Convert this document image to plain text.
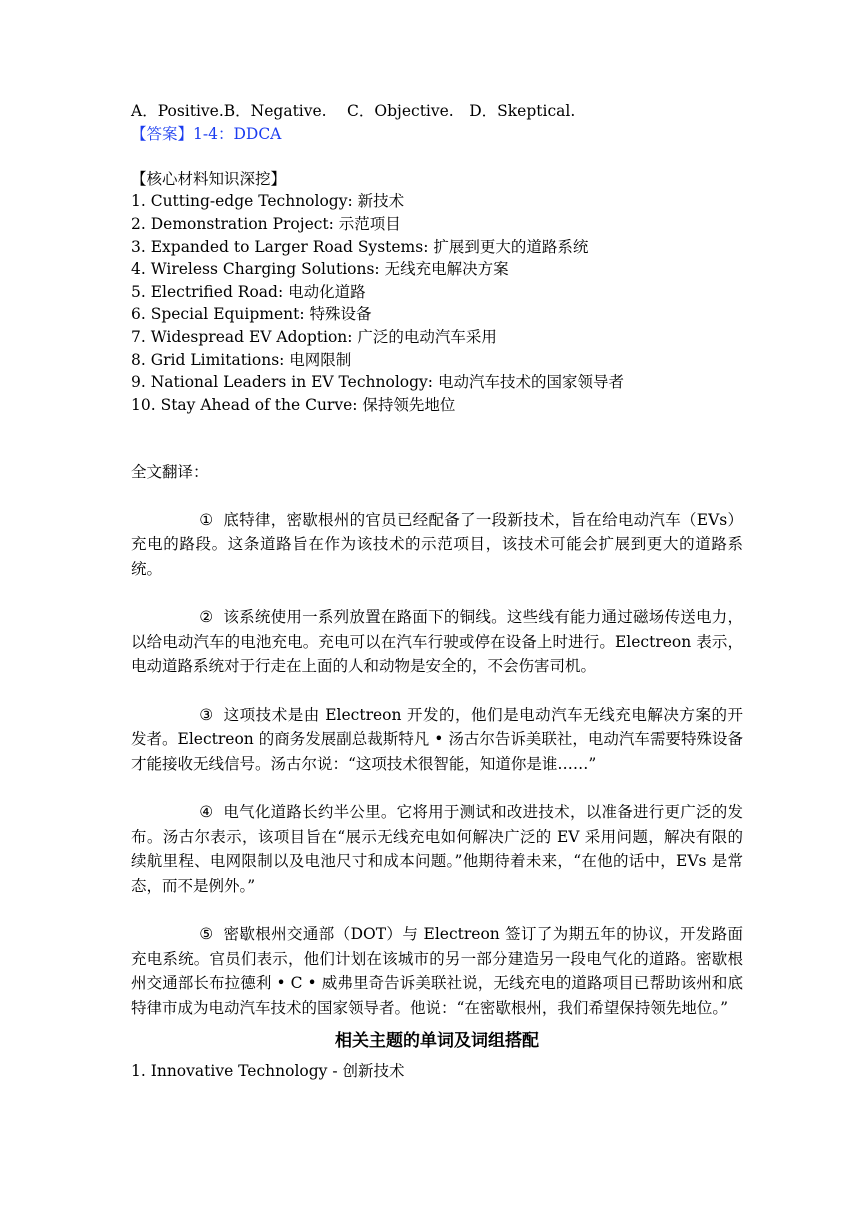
A．Positive.B．Negative.　 C．Objective.　D．Skeptical.
【答案】1-4：DDCA
【核心材料知识深挖】
1. Cutting-edge Technology: 新技术
2. Demonstration Project: 示范项目
3. Expanded to Larger Road Systems: 扩展到更大的道路系统
4. Wireless Charging Solutions: 无线充电解决方案
5. Electrified Road: 电动化道路
6. Special Equipment: 特殊设备
7. Widespread EV Adoption: 广泛的电动汽车采用
8. Grid Limitations: 电网限制
9. National Leaders in EV Technology: 电动汽车技术的国家领导者
10. Stay Ahead of the Curve: 保持领先地位
全文翻译：

① 底特律，密歇根州的官员已经配备了一段新技术，旨在给电动汽车（EVs）充电的路段。这条道路旨在作为该技术的示范项目，该技术可能会扩展到更大的道路系统。

② 该系统使用一系列放置在路面下的铜线。这些线有能力通过磁场传送电力，以给电动汽车的电池充电。充电可以在汽车行驶或停在设备上时进行。Electreon 表示，电动道路系统对于行走在上面的人和动物是安全的，不会伤害司机。

③ 这项技术是由 Electreon 开发的，他们是电动汽车无线充电解决方案的开发者。Electreon 的商务发展副总裁斯特凡 • 汤古尔告诉美联社，电动汽车需要特殊设备才能接收无线信号。汤古尔说：“这项技术很智能，知道你是谁……”

④ 电气化道路长约半公里。它将用于测试和改进技术，以准备进行更广泛的发布。汤古尔表示，该项目旨在“展示无线充电如何解决广泛的 EV 采用问题，解决有限的续航里程、电网限制以及电池尺寸和成本问题。”他期待着未来，“在他的话中，EVs 是常态，而不是例外。”

⑤ 密歇根州交通部（DOT）与 Electreon 签订了为期五年的协议，开发路面充电系统。官员们表示，他们计划在该城市的另一部分建造另一段电气化的道路。密歇根州交通部长布拉德利 • C • 威弗里奇告诉美联社说，无线充电的道路项目已帮助该州和底特律市成为电动汽车技术的国家领导者。他说：“在密歇根州，我们希望保持领先地位。”

相关主题的单词及词组搭配
1. Innovative Technology - 创新技术
